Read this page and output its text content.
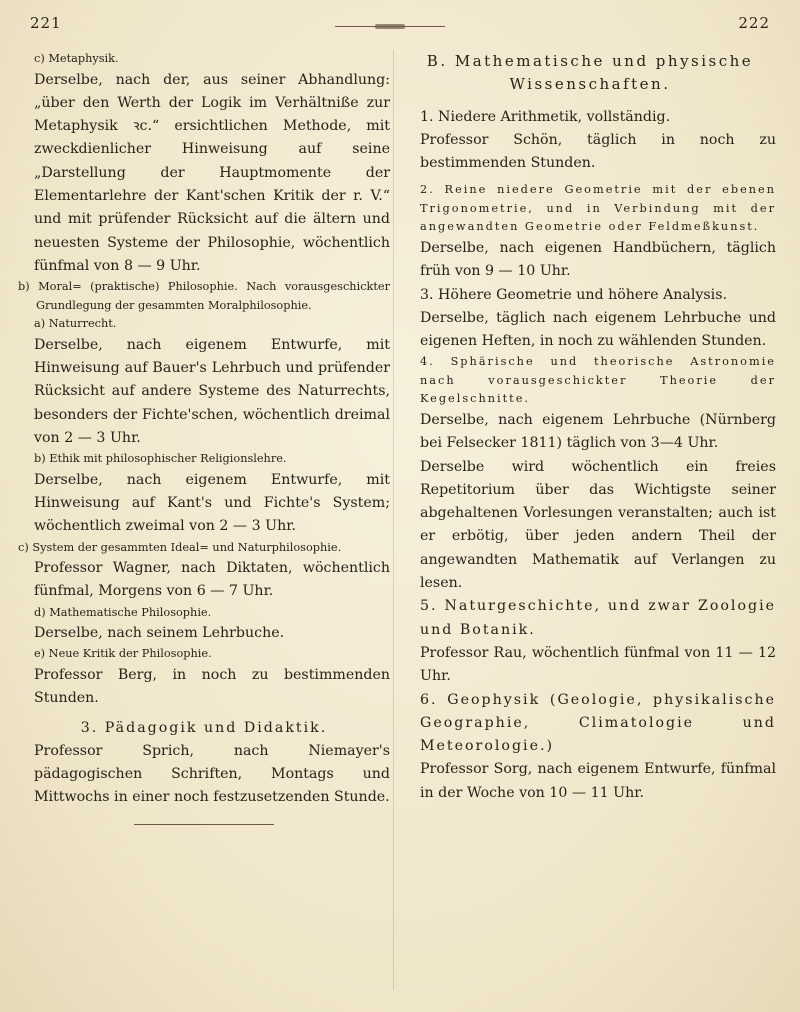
221	222

c) Metaphysik.

Derselbe, nach der, aus seiner Abhandlung: „über den Werth der Logik im Verhältniße zur Metaphysik ꝛc.“ ersichtlichen Methode, mit zweckdienlicher Hinweisung auf seine „Darstellung der Hauptmomente der Elementarlehre der Kant'schen Kritik der r. V.“ und mit prüfender Rücksicht auf die ältern und neuesten Systeme der Philosophie, wöchentlich fünfmal von 8 — 9 Uhr.

b) Moral= (praktische) Philosophie. Nach vorausgeschickter Grundlegung der gesammten Moralphilosophie.

a) Naturrecht.

Derselbe, nach eigenem Entwurfe, mit Hinweisung auf Bauer's Lehrbuch und prüfender Rücksicht auf andere Systeme des Naturrechts, besonders der Fichte'schen, wöchentlich dreimal von 2 — 3 Uhr.

b) Ethik mit philosophischer Religionslehre.

Derselbe, nach eigenem Entwurfe, mit Hinweisung auf Kant's und Fichte's System; wöchentlich zweimal von 2 — 3 Uhr.

c) System der gesammten Ideal= und Naturphilosophie.

Professor Wagner, nach Diktaten, wöchentlich fünfmal, Morgens von 6 — 7 Uhr.

d) Mathematische Philosophie.

Derselbe, nach seinem Lehrbuche.

e) Neue Kritik der Philosophie.

Professor Berg, in noch zu bestimmenden Stunden.

3. Pädagogik und Didaktik.

Professor Sprich, nach Niemayer's pädagogischen Schriften, Montags und Mittwochs in einer noch festzusetzenden Stunde.

B. Mathematische und physische Wissenschaften.

1. Niedere Arithmetik, vollständig.

Professor Schön, täglich in noch zu bestimmenden Stunden.

2. Reine niedere Geometrie mit der ebenen Trigonometrie, und in Verbindung mit der angewandten Geometrie oder Feldmeßkunst.

Derselbe, nach eigenen Handbüchern, täglich früh von 9 — 10 Uhr.

3. Höhere Geometrie und höhere Analysis.

Derselbe, täglich nach eigenem Lehrbuche und eigenen Heften, in noch zu wählenden Stunden.

4. Sphärische und theorische Astronomie nach vorausgeschickter Theorie der Kegelschnitte.

Derselbe, nach eigenem Lehrbuche (Nürnberg bei Felsecker 1811) täglich von 3—4 Uhr.

Derselbe wird wöchentlich ein freies Repetitorium über das Wichtigste seiner abgehaltenen Vorlesungen veranstalten; auch ist er erbötig, über jeden andern Theil der angewandten Mathematik auf Verlangen zu lesen.

5. Naturgeschichte, und zwar Zoologie und Botanik.

Professor Rau, wöchentlich fünfmal von 11 — 12 Uhr.

6. Geophysik (Geologie, physikalische Geographie, Climatologie und Meteorologie.)

Professor Sorg, nach eigenem Entwurfe, fünfmal in der Woche von 10 — 11 Uhr.
